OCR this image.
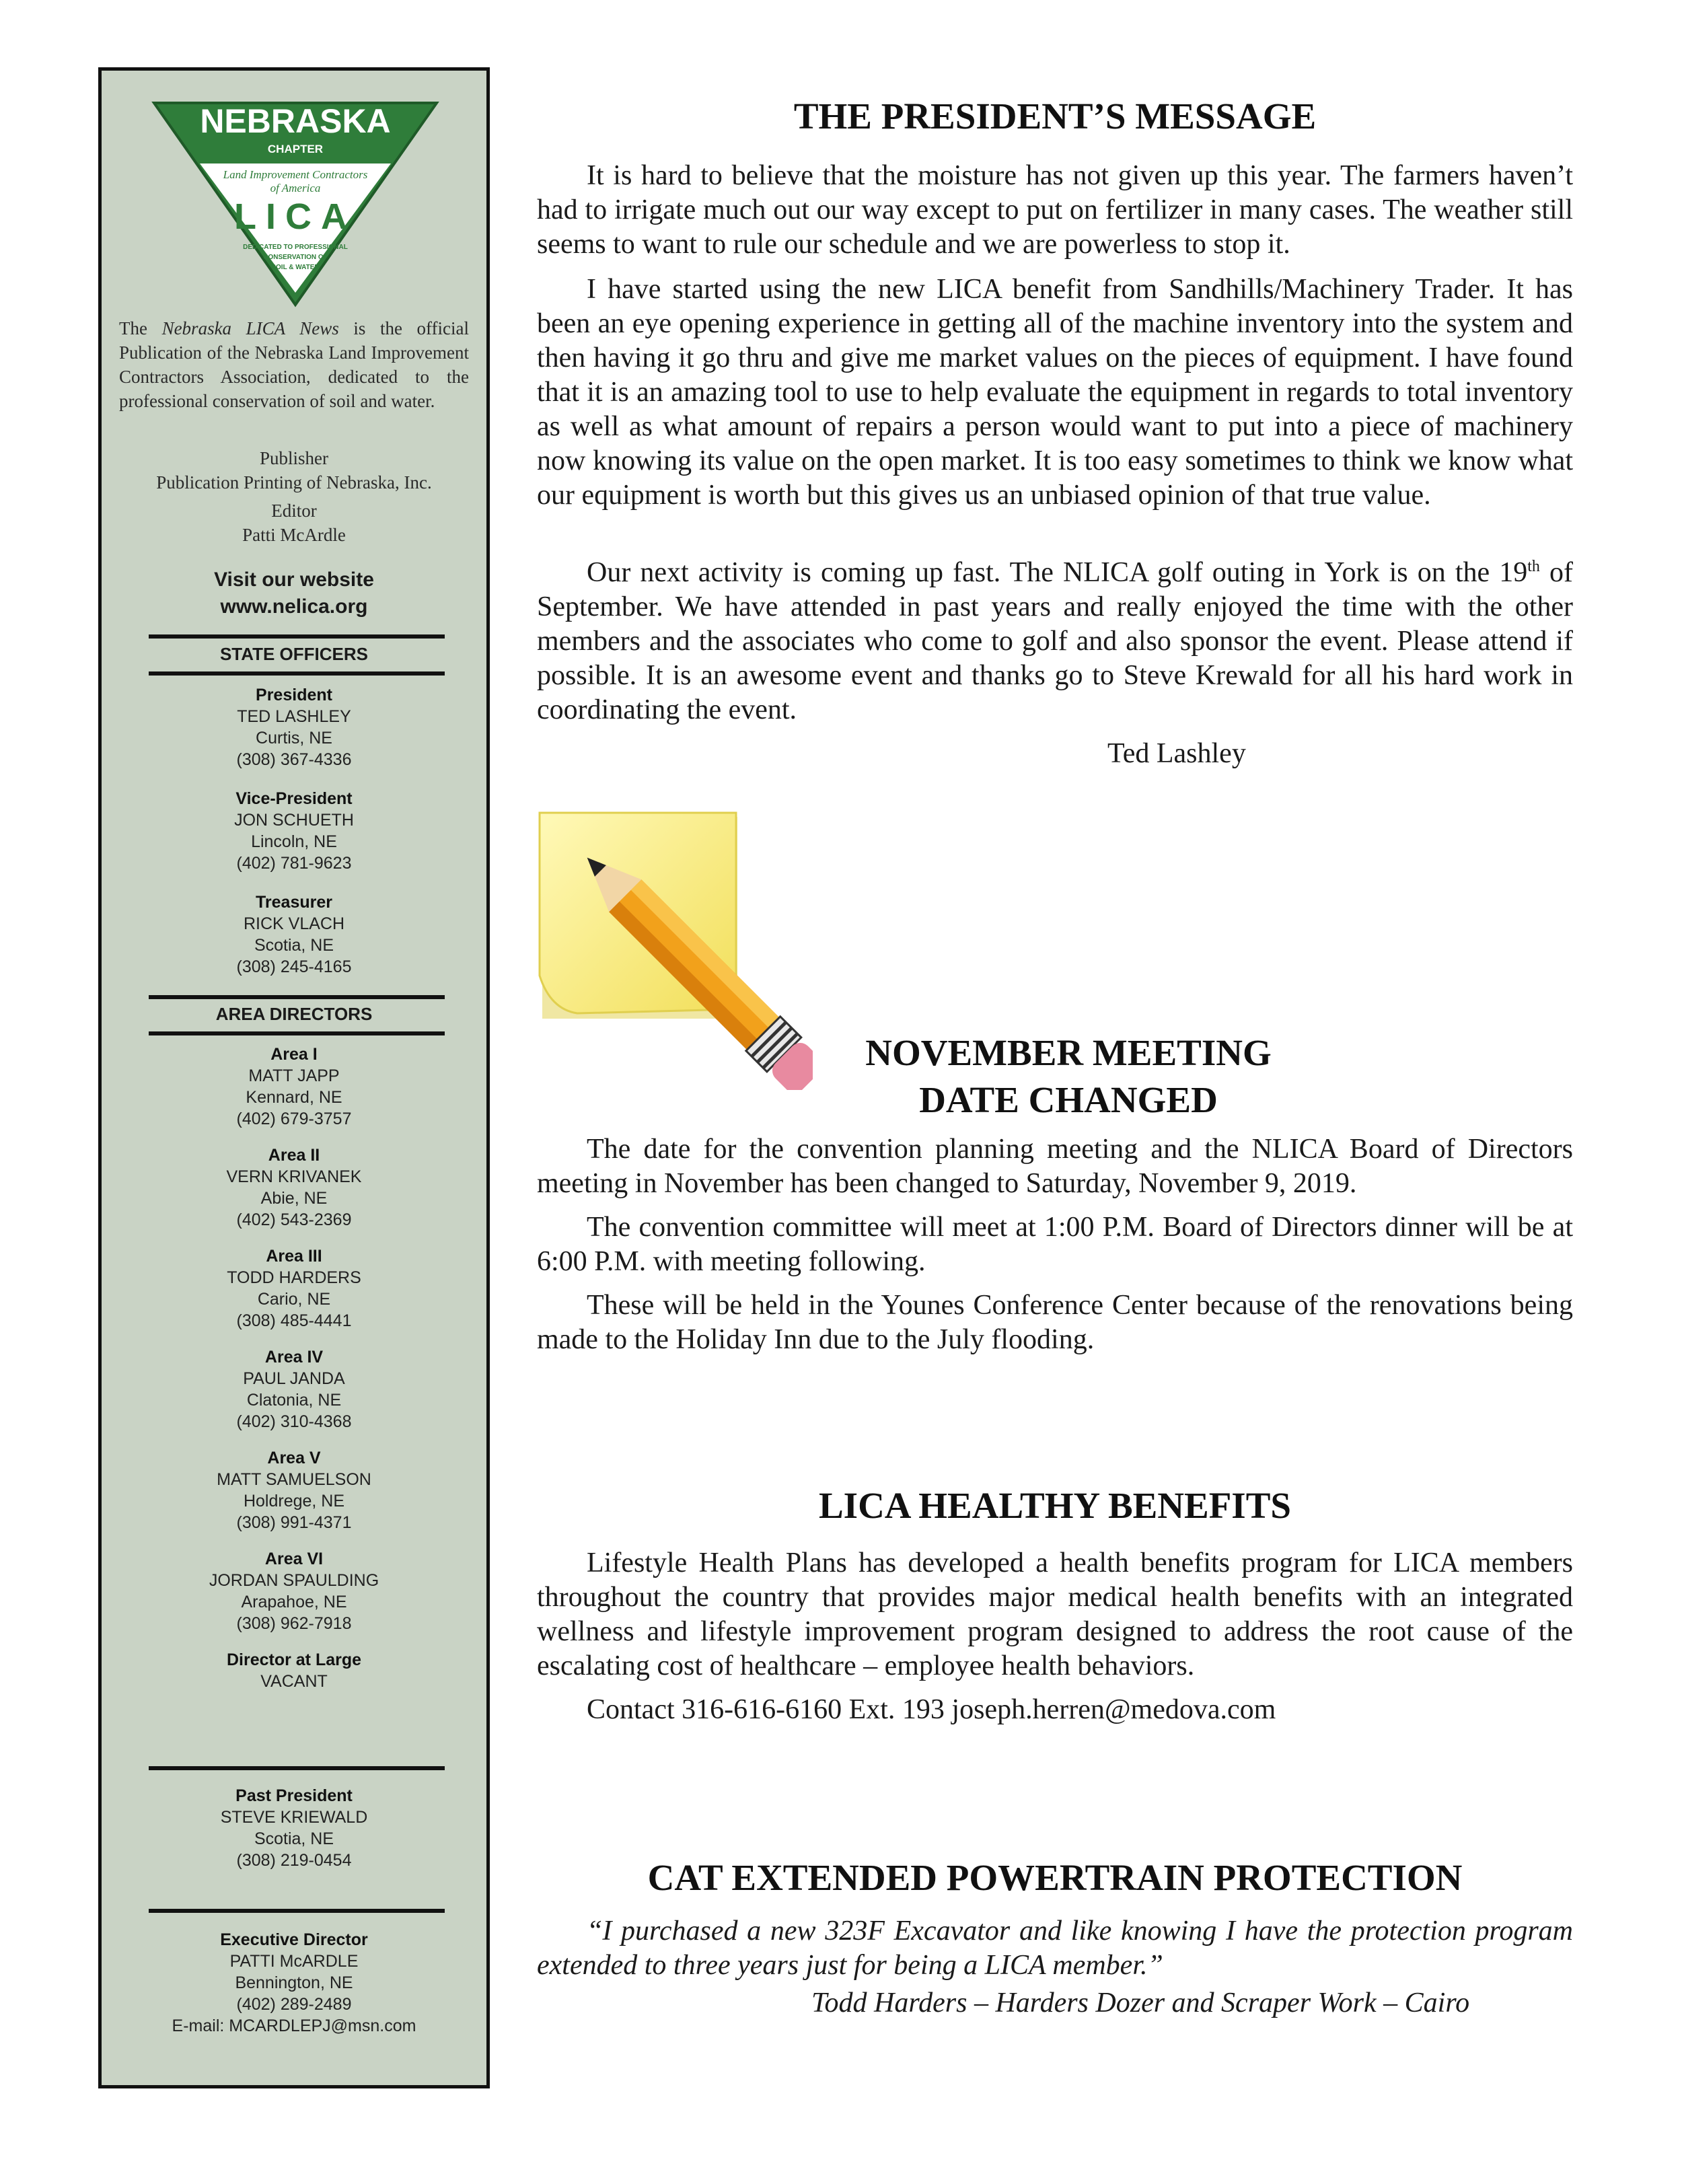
NEBRASKA
CHAPTER
Land Improvement Contractors
of America
LICA
DEDICATED TO PROFESSIONAL
CONSERVATION OF
SOIL & WATER
The Nebraska LICA News is the official Publication of the Nebraska Land Improvement Contractors Association, dedicated to the professional conservation of soil and water.
Publisher
Publication Printing of Nebraska, Inc.
Editor
Patti McArdle
Visit our website
www.nelica.org
STATE OFFICERS
President
TED LASHLEY
Curtis, NE
(308) 367-4336
Vice-President
JON SCHUETH
Lincoln, NE
(402) 781-9623
Treasurer
RICK VLACH
Scotia, NE
(308) 245-4165
AREA DIRECTORS
Area I
MATT JAPP
Kennard, NE
(402) 679-3757
Area II
VERN KRIVANEK
Abie, NE
(402) 543-2369
Area III
TODD HARDERS
Cario, NE
(308) 485-4441
Area IV
PAUL JANDA
Clatonia, NE
(402) 310-4368
Area V
MATT SAMUELSON
Holdrege, NE
(308) 991-4371
Area VI
JORDAN SPAULDING
Arapahoe, NE
(308) 962-7918
Director at Large
VACANT
Past President
STEVE KRIEWALD
Scotia, NE
(308) 219-0454
Executive Director
PATTI McARDLE
Bennington, NE
(402) 289-2489
E-mail: MCARDLEPJ@msn.com
THE PRESIDENT’S MESSAGE

It is hard to believe that the moisture has not given up this year. The farmers haven’t had to irrigate much out our way except to put on fertilizer in many cases. The weather still seems to want to rule our schedule and we are powerless to stop it.

I have started using the new LICA benefit from Sandhills/Machinery Trader. It has been an eye opening experience in getting all of the machine inventory into the system and then having it go thru and give me market values on the pieces of equipment. I have found that it is an amazing tool to use to help evaluate the equipment in regards to total inventory as well as what amount of repairs a person would want to put into a piece of machinery now knowing its value on the open market. It is too easy sometimes to think we know what our equipment is worth but this gives us an unbiased opinion of that true value.

Our next activity is coming up fast. The NLICA golf outing in York is on the 19th of September. We have attended in past years and really enjoyed the time with the other members and the associates who come to golf and also sponsor the event. Please attend if possible. It is an awesome event and thanks go to Steve Krewald for all his hard work in coordinating the event.

Ted Lashley
NOVEMBER MEETING
DATE CHANGED

The date for the convention planning meeting and the NLICA Board of Directors meeting in November has been changed to Saturday, November 9, 2019.

The convention committee will meet at 1:00 P.M. Board of Directors dinner will be at 6:00 P.M. with meeting following.

These will be held in the Younes Conference Center because of the renovations being made to the Holiday Inn due to the July flooding.

LICA HEALTHY BENEFITS

Lifestyle Health Plans has developed a health benefits program for LICA members throughout the country that provides major medical health benefits with an integrated wellness and lifestyle improvement program designed to address the root cause of the escalating cost of healthcare – employee health behaviors.

Contact 316-616-6160 Ext. 193 joseph.herren@medova.com

CAT EXTENDED POWERTRAIN PROTECTION

“I purchased a new 323F Excavator and like knowing I have the protection program extended to three years just for being a LICA member.”

Todd Harders – Harders Dozer and Scraper Work – Cairo
